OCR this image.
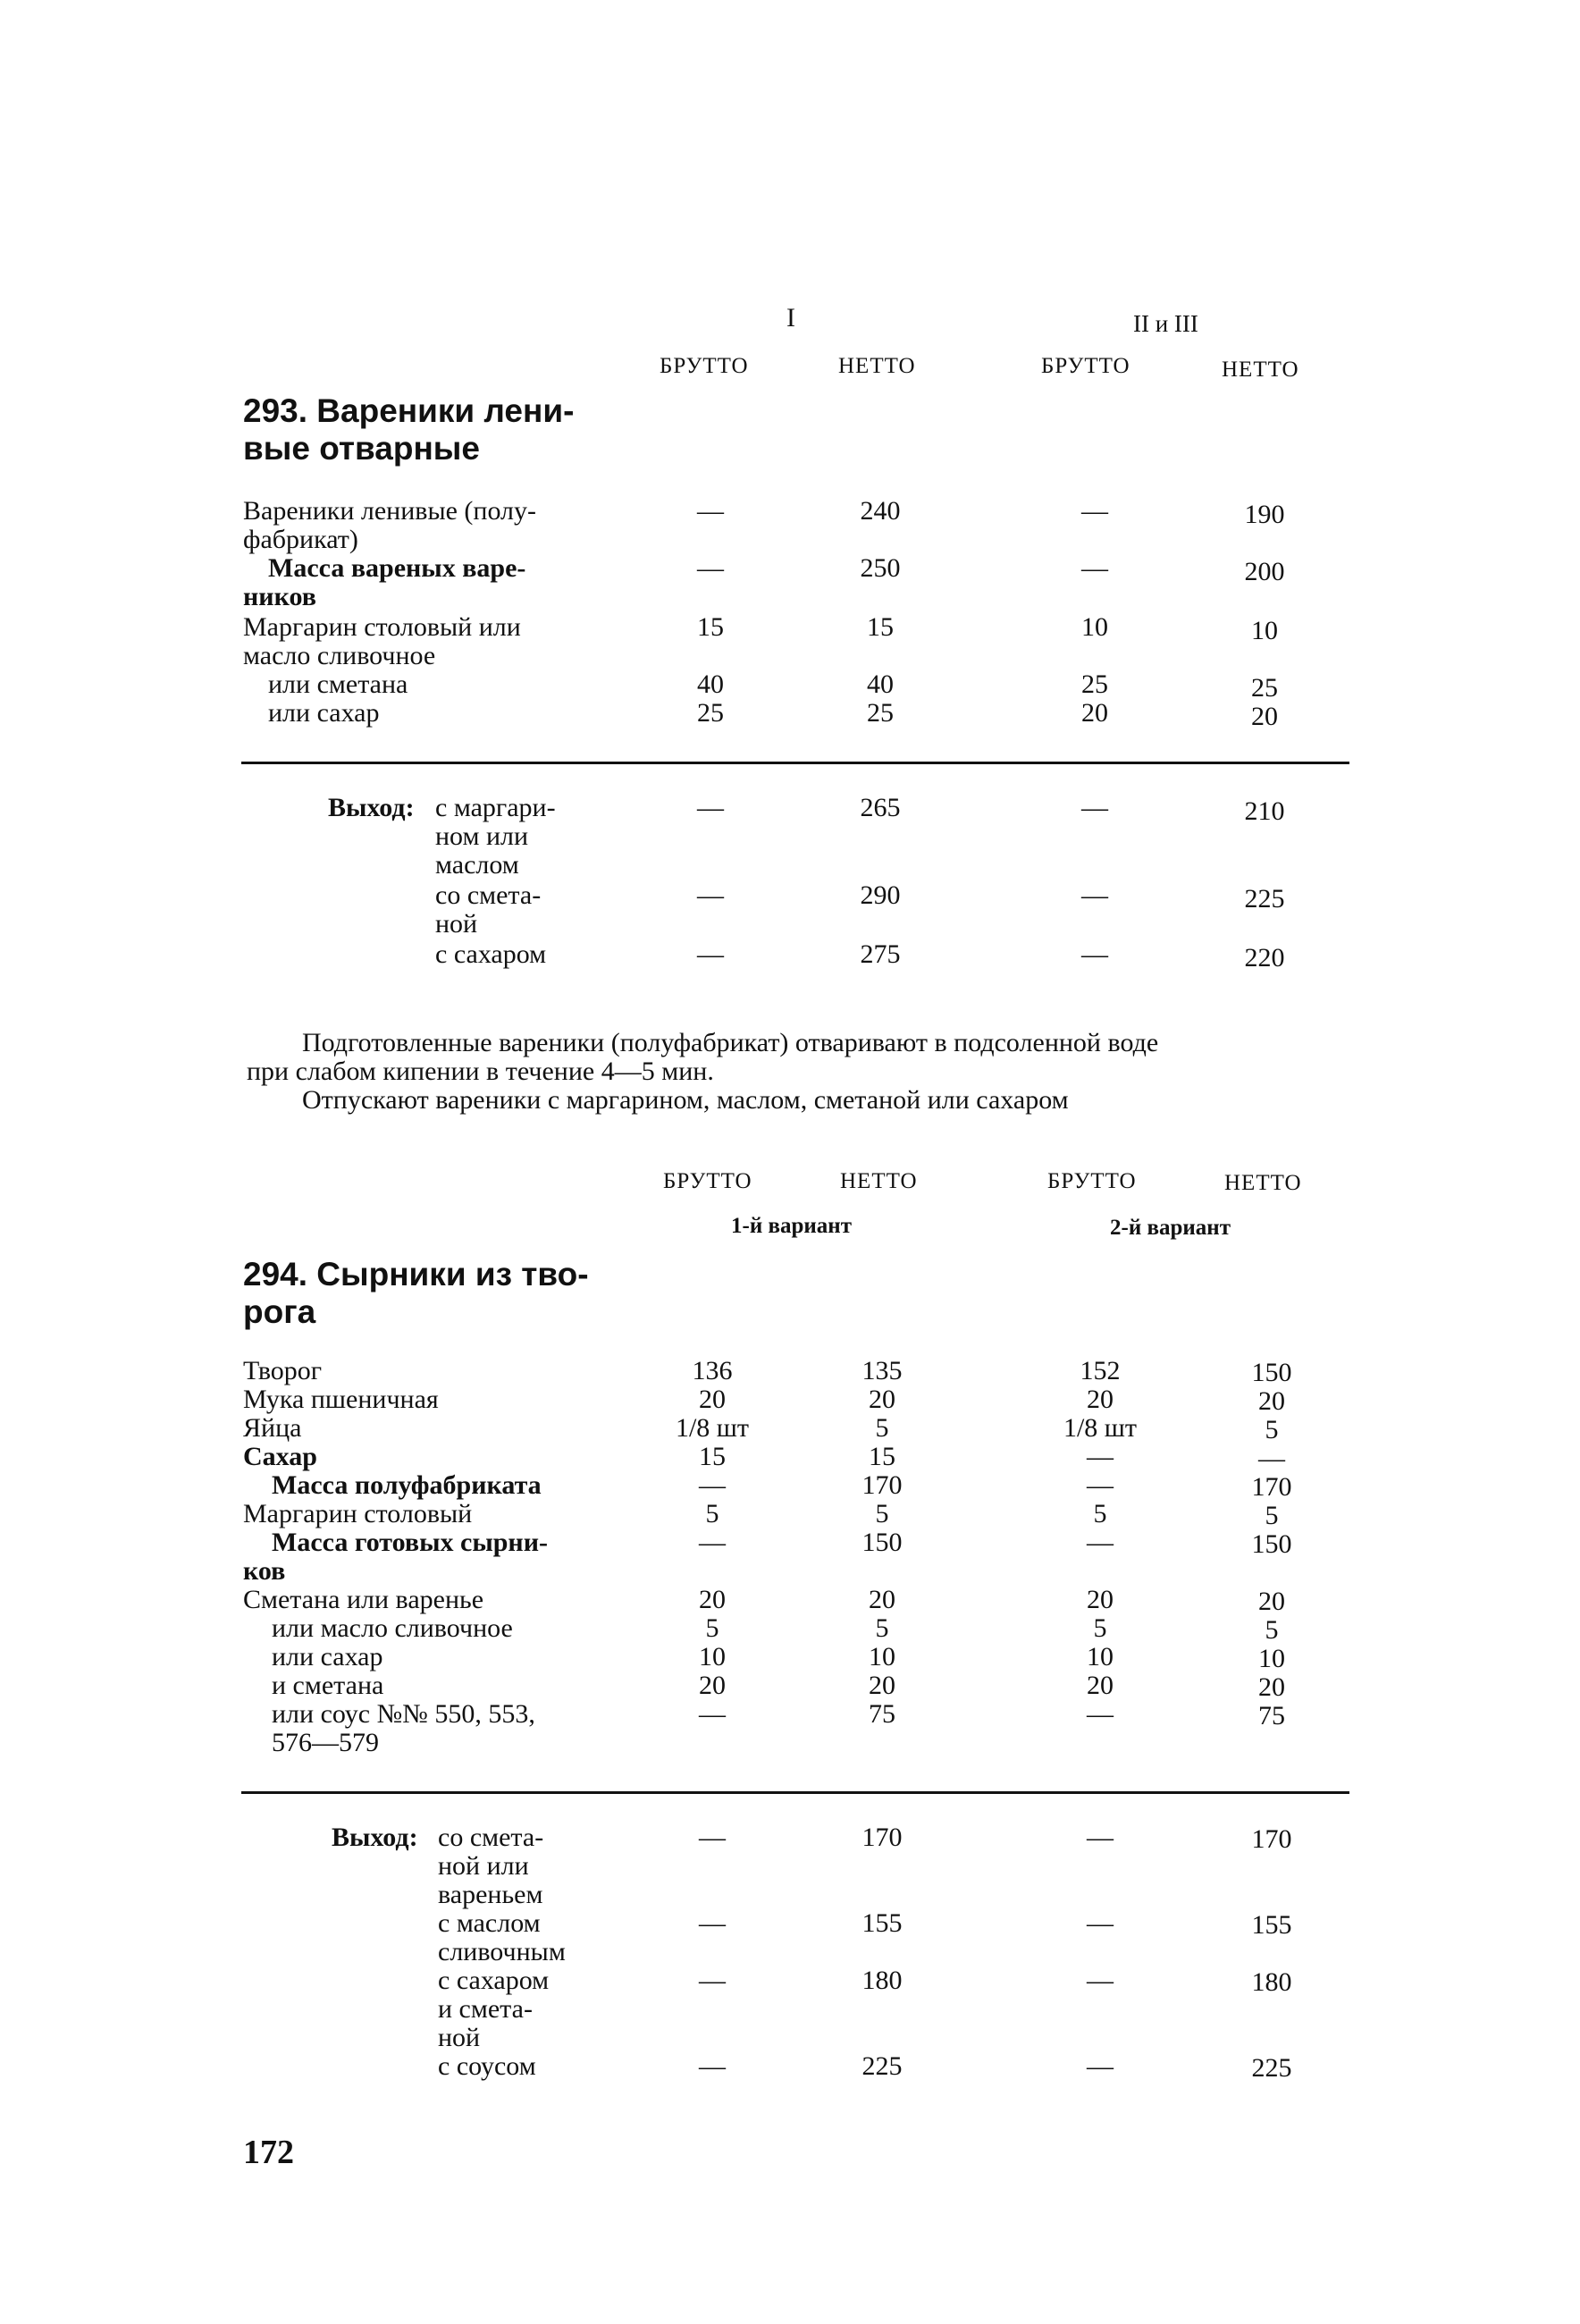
I	II и III
БРУТТО	НЕТТО	БРУТТО	НЕТТО
293. Вареники лени-
вые отварные
Вареники ленивые (полу-
фабрикат)
—	240	—	190
Масса вареных варе-
ников
—	250	—	200
Маргарин столовый или
масло сливочное
15	15	10	10
или сметана	40	40	25	25
или сахар	25	25	20	20
Выход: с маргари-
ном или
маслом
—	265	—	210
со смета-
ной
—	290	—	225
с сахаром	—	275	—	220
Подготовленные вареники (полуфабрикат) отваривают в подсоленной воде
при слабом кипении в течение 4—5 мин.
Отпускают вареники с маргарином, маслом, сметаной или сахаром
БРУТТО	НЕТТО	БРУТТО	НЕТТО
1-й вариант	2-й вариант
294. Сырники из тво-
рога
Творог	136	135	152	150
Мука пшеничная	20	20	20	20
Яйца	1/8 шт	5	1/8 шт	5
Сахар	15	15	—	—
Масса полуфабриката	—	170	—	170
Маргарин столовый	5	5	5	5
Масса готовых сырни-
ков
—	150	—	150
Сметана или варенье	20	20	20	20
или масло сливочное	5	5	5	5
или сахар	10	10	10	10
и сметана	20	20	20	20
или соус №№ 550, 553,
576—579
—	75	—	75
Выход: со смета-
ной или
вареньем
—	170	—	170
с маслом
сливочным
—	155	—	155
с сахаром
и смета-
ной
—	180	—	180
с соусом	—	225	—	225
172
